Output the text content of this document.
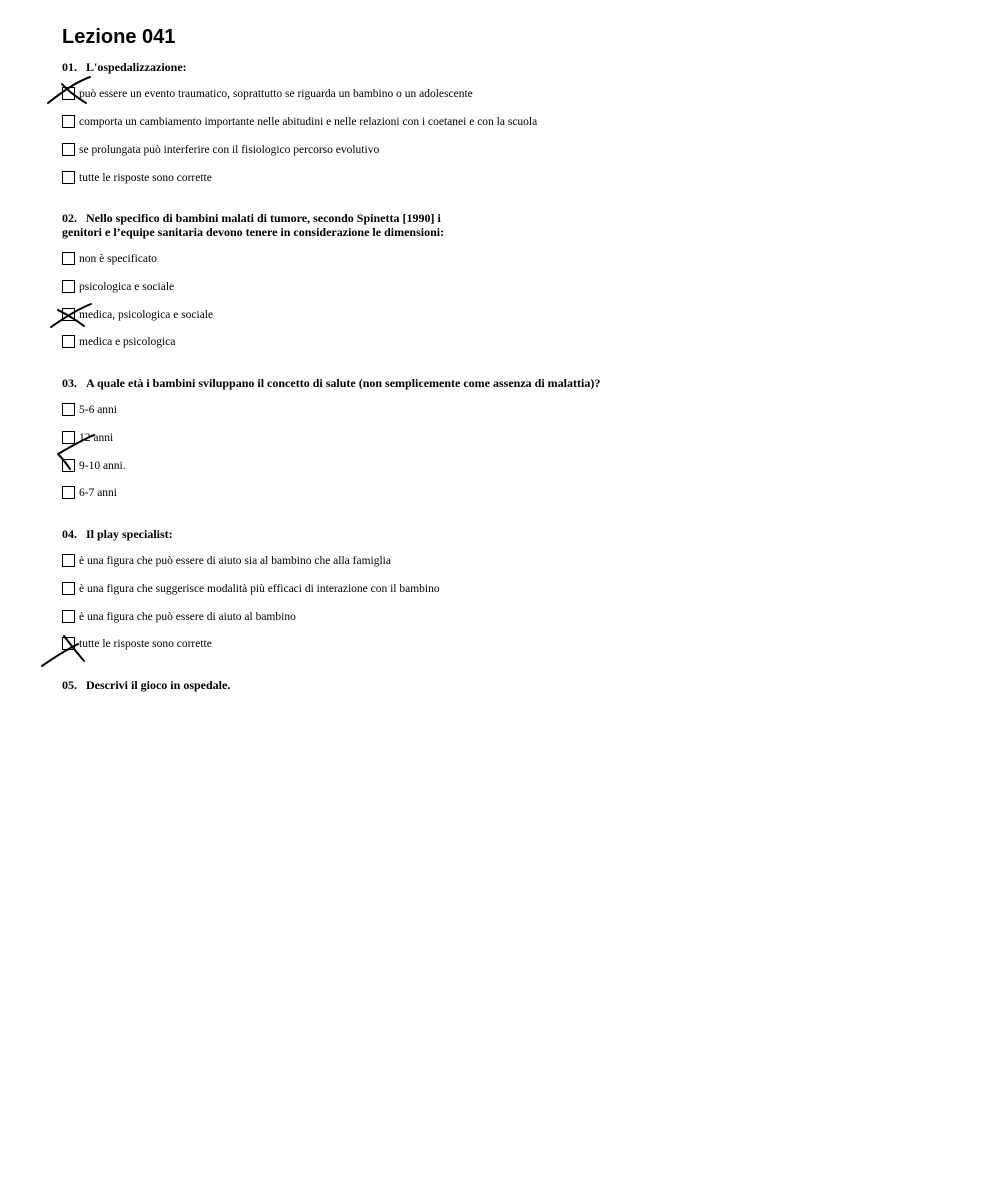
Lezione 041
01. L'ospedalizzazione:
può essere un evento traumatico, soprattutto se riguarda un bambino o un adolescente
comporta un cambiamento importante nelle abitudini e nelle relazioni con i coetanei e con la scuola
se prolungata può interferire con il fisiologico percorso evolutivo
tutte le risposte sono corrette
02. Nello specifico di bambini malati di tumore, secondo Spinetta [1990] i
genitori e l’equipe sanitaria devono tenere in considerazione le dimensioni:
non è specificato
psicologica e sociale
medica, psicologica e sociale
medica e psicologica
03. A quale età i bambini sviluppano il concetto di salute (non semplicemente come assenza di malattia)?
5-6 anni
12 anni
9-10 anni.
6-7 anni
04. Il play specialist:
è una figura che può essere di aiuto sia al bambino che alla famiglia
è una figura che suggerisce modalità più efficaci di interazione con il bambino
è una figura che può essere di aiuto al bambino
tutte le risposte sono corrette
05. Descrivi il gioco in ospedale.
